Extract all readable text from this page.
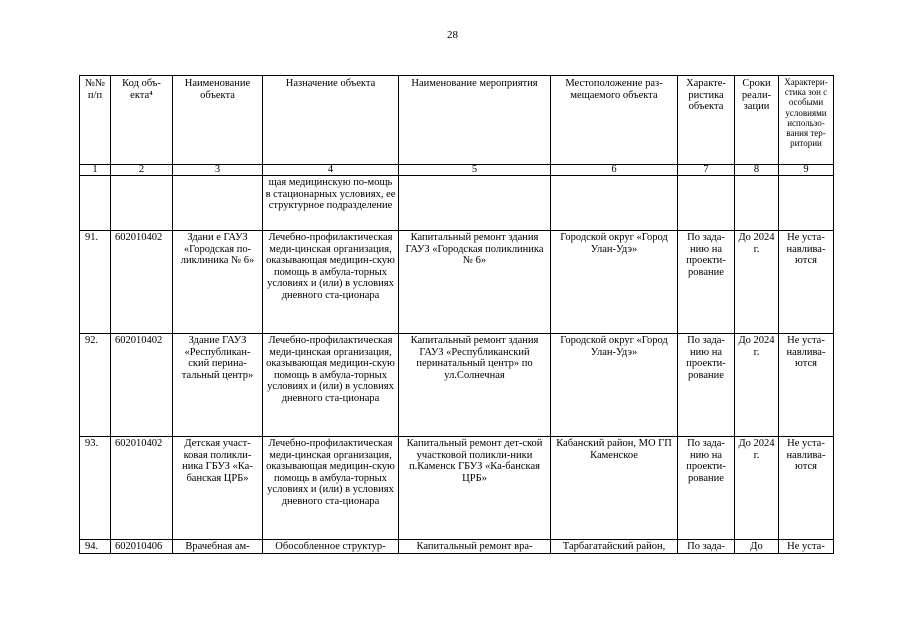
28
№№ п/п	Код объ-екта⁴	Наименование объекта	Назначение объекта	Наименование мероприятия	Местоположение раз-мещаемого объекта	Характе-ристика объекта	Сроки реали-зации	Характери-стика зон с особыми условиями использо-вания тер-ритории
1	2	3	4	5	6	7	8	9
			щая медицинскую по-мощь в стационарных условиях, ее структурное подразделение					
91.	602010402	Здани е ГАУЗ «Городская по-ликлиника № 6»	Лечебно-профилактическая меди-цинская организация, оказывающая медицин-скую помощь в амбула-торных условиях и (или) в условиях дневного ста-ционара	Капитальный ремонт здания ГАУЗ «Городская поликлиника № 6»	Городской округ «Город Улан-Удэ»	По зада-нию на проекти-рование	До 2024 г.	Не уста-навлива-ются
92.	602010402	Здание ГАУЗ «Республикан-ский перина-тальный центр»	Лечебно-профилактическая меди-цинская организация, оказывающая медицин-скую помощь в амбула-торных условиях и (или) в условиях дневного ста-ционара	Капитальный ремонт здания ГАУЗ «Республиканский перинатальный центр» по ул.Солнечная	Городской округ «Город Улан-Удэ»	По зада-нию на проекти-рование	До 2024 г.	Не уста-навлива-ются
93.	602010402	Детская участ-ковая поликли-ника ГБУЗ «Ка-банская ЦРБ»	Лечебно-профилактическая меди-цинская организация, оказывающая медицин-скую помощь в амбула-торных условиях и (или) в условиях дневного ста-ционара	Капитальный ремонт дет-ской участковой поликли-ники п.Каменск ГБУЗ «Ка-банская ЦРБ»	Кабанский район, МО ГП Каменское	По зада-нию на проекти-рование	До 2024 г.	Не уста-навлива-ются
94.	602010406	Врачебная ам-	Обособленное структур-	Капитальный ремонт вра-	Тарбагатайский район,	По зада-	До	Не уста-
